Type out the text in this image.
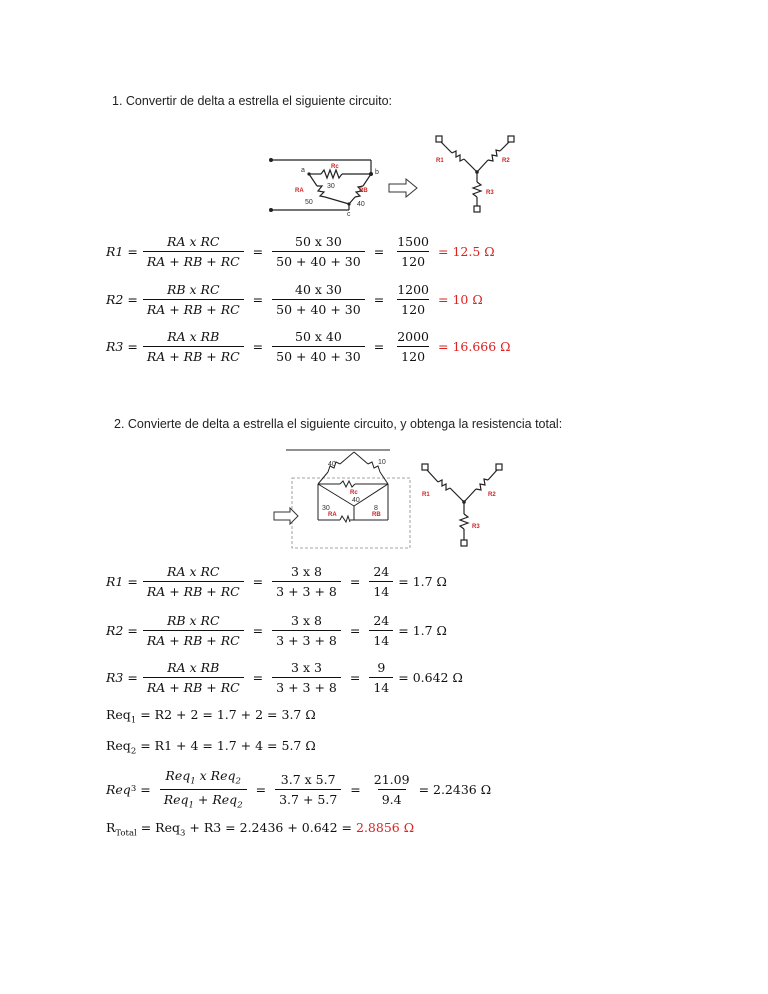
1. Convertir de delta a estrella el siguiente circuito:
Rc
30
RA	RB
50	40
a	b
c
R1	R2
R3
$R1 = \frac{\text{RA x RC}}{RA + RB + RC} = \frac{50 x 30}{50 + 40 + 30} = \frac{1500}{120} = 12.5$ Ω
$R2 = \frac{\text{RB x RC}}{RA + RB + RC} = \frac{40 x 30}{50 + 40 + 30} = \frac{1200}{120} = 10$ Ω
$R3 = \frac{\text{RA x RB}}{RA + RB + RC} = \frac{50 x 40}{50 + 40 + 30} = \frac{2000}{120} = 16.666$ Ω
2. Convierte de delta a estrella el siguiente circuito, y obtenga la resistencia total:
40	10
Rc
40
30	8
RA	RB
R1	R2
R3
$R1 = \frac{\text{RA x RC}}{RA + RB + RC} = \frac{3 x 8}{3 + 3 + 8} = \frac{24}{14} = 1.7$ Ω
$R2 = \frac{\text{RB x RC}}{RA + RB + RC} = \frac{3 x 8}{3 + 3 + 8} = \frac{24}{14} = 1.7$ Ω
$R3 = \frac{\text{RA x RB}}{RA + RB + RC} = \frac{3 x 3}{3 + 3 + 8} = \frac{9}{14} = 0.642$ Ω
Req$_1$ = R2 + 2 = 1.7 + 2 = 3.7 Ω
Req$_2$ = R1 + 4 = 1.7 + 4 = 5.7 Ω
Req $3 = \frac{Req_1 x Req_2}{Req_1 + Req_2} = \frac{3.7 x 5.7}{3.7 + 5.7} = \frac{21.09}{9.4} = 2.2436$ Ω
$R_{Total} = Req_3 + R3 = 2.2436 + 0.642 = 2.8856$ Ω
